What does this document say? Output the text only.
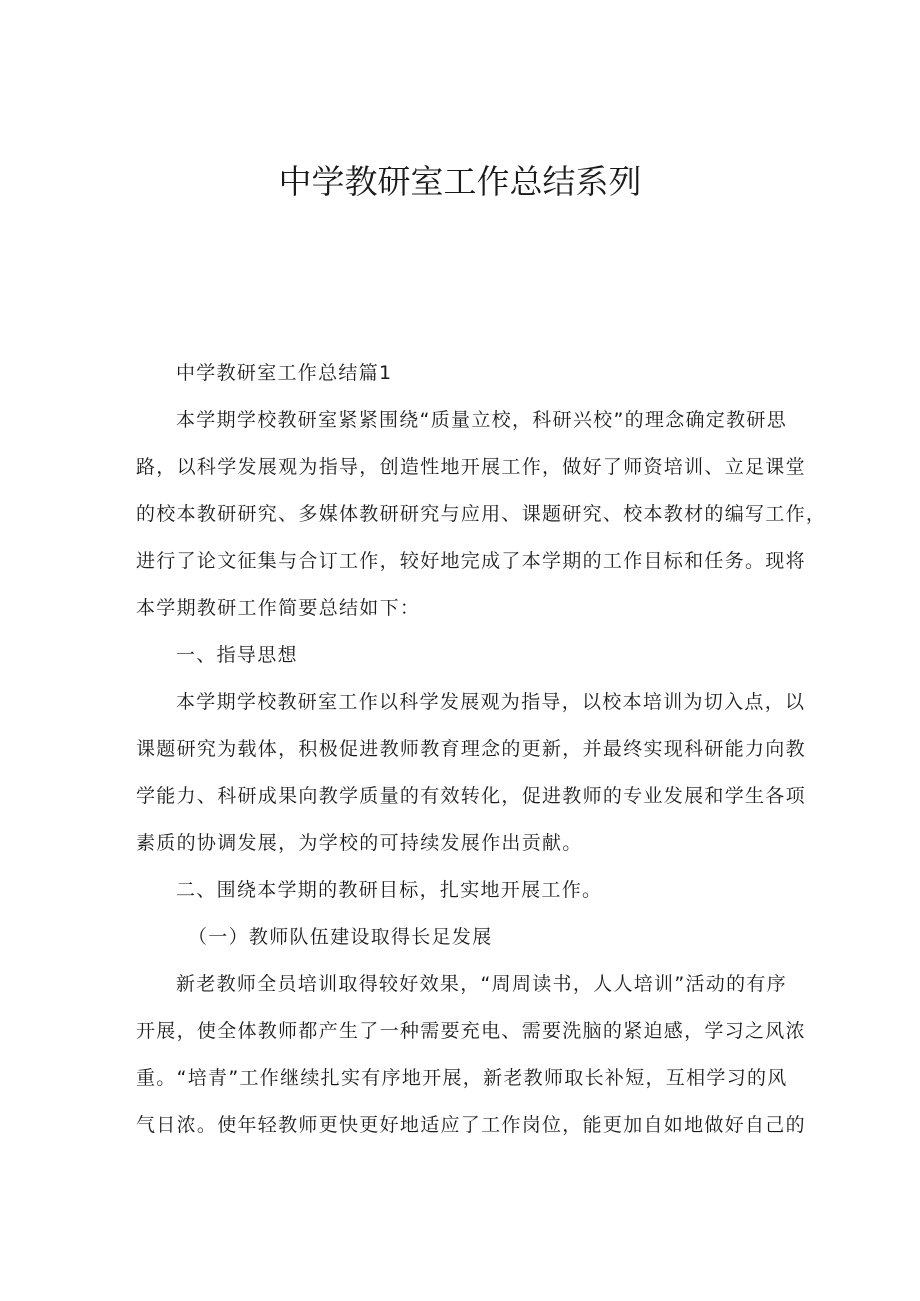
中学教研室工作总结系列
中学教研室工作总结篇1
本学期学校教研室紧紧围绕“质量立校，科研兴校”的理念确定教研思
路，以科学发展观为指导，创造性地开展工作，做好了师资培训、立足课堂
的校本教研研究、多媒体教研研究与应用、课题研究、校本教材的编写工作，
进行了论文征集与合订工作，较好地完成了本学期的工作目标和任务。现将
本学期教研工作简要总结如下：
一、指导思想
本学期学校教研室工作以科学发展观为指导，以校本培训为切入点，以
课题研究为载体，积极促进教师教育理念的更新，并最终实现科研能力向教
学能力、科研成果向教学质量的有效转化，促进教师的专业发展和学生各项
素质的协调发展，为学校的可持续发展作出贡献。
二、围绕本学期的教研目标，扎实地开展工作。
（一）教师队伍建设取得长足发展
新老教师全员培训取得较好效果，“周周读书，人人培训”活动的有序
开展，使全体教师都产生了一种需要充电、需要洗脑的紧迫感，学习之风浓
重。“培青”工作继续扎实有序地开展，新老教师取长补短，互相学习的风
气日浓。使年轻教师更快更好地适应了工作岗位，能更加自如地做好自己的
